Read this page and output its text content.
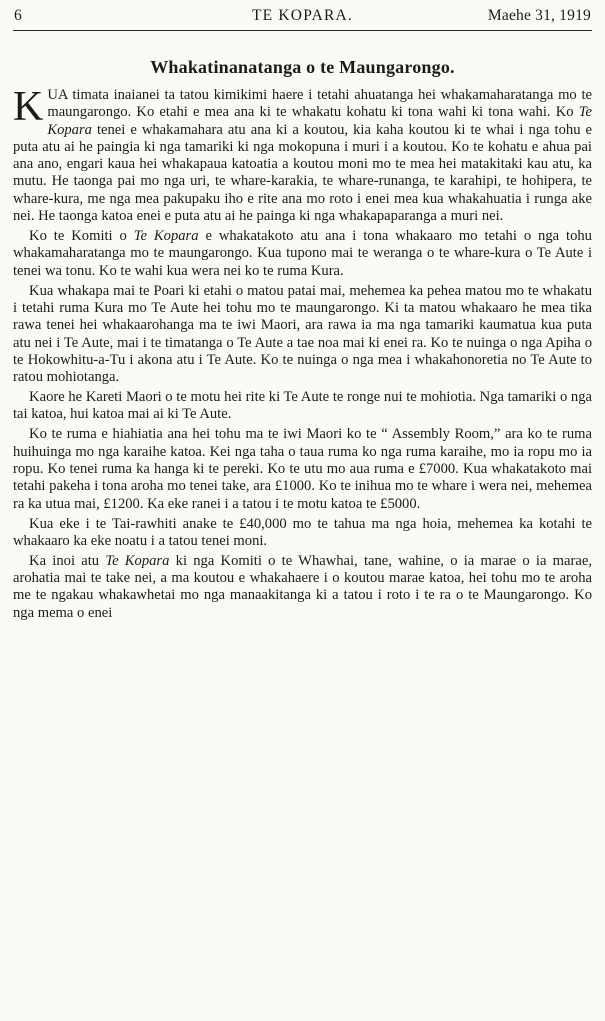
6	TE KOPARA.	Maehe 31, 1919
Whakatinanatanga o te Maungarongo.

KUA timata inaianei ta tatou kimikimi haere i tetahi ahuatanga hei whakamaharatanga mo te maungarongo. Ko etahi e mea ana ki te whakatu kohatu ki tona wahi ki tona wahi. Ko Te Kopara tenei e whakamahara atu ana ki a koutou, kia kaha koutou ki te whai i nga tohu e puta atu ai he paingia ki nga tamariki ki nga mokopuna i muri i a koutou. Ko te kohatu e ahua pai ana ano, engari kaua hei whakapaua katoatia a koutou moni mo te mea hei matakitaki kau atu, ka mutu. He taonga pai mo nga uri, te whare-karakia, te whare-runanga, te karahipi, te hohipera, te whare-kura, me nga mea pakupaku iho e rite ana mo roto i enei mea kua whakahuatia i runga ake nei. He taonga katoa enei e puta atu ai he painga ki nga whakapaparanga a muri nei.

Ko te Komiti o Te Kopara e whakatakoto atu ana i tona whakaaro mo tetahi o nga tohu whakamaharatanga mo te maungarongo. Kua tupono mai te weranga o te whare-kura o Te Aute i tenei wa tonu. Ko te wahi kua wera nei ko te ruma Kura.

Kua whakapa mai te Poari ki etahi o matou patai mai, mehemea ka pehea matou mo te whakatu i tetahi ruma Kura mo Te Aute hei tohu mo te maungarongo. Ki ta matou whakaaro he mea tika rawa tenei hei whakaarohanga ma te iwi Maori, ara rawa ia ma nga tamariki kaumatua kua puta atu nei i Te Aute, mai i te timatanga o Te Aute a tae noa mai ki enei ra. Ko te nuinga o nga Apiha o te Hokowhitu-a-Tu i akona atu i Te Aute. Ko te nuinga o nga mea i whakahonoretia no Te Aute to ratou mohiotanga.

Kaore he Kareti Maori o te motu hei rite ki Te Aute te ronge nui te mohiotia. Nga tamariki o nga tai katoa, hui katoa mai ai ki Te Aute.

Ko te ruma e hiahiatia ana hei tohu ma te iwi Maori ko te “ Assembly Room,” ara ko te ruma huihuinga mo nga karaihe katoa. Kei nga taha o taua ruma ko nga ruma karaihe, mo ia ropu mo ia ropu. Ko tenei ruma ka hanga ki te pereki. Ko te utu mo aua ruma e £7000. Kua whakatakoto mai tetahi pakeha i tona aroha mo tenei take, ara £1000. Ko te inihua mo te whare i wera nei, mehemea ra ka utua mai, £1200. Ka eke ranei i a tatou i te motu katoa te £5000.

Kua eke i te Tai-rawhiti anake te £40,000 mo te tahua ma nga hoia, mehemea ka kotahi te whakaaro ka eke noatu i a tatou tenei moni.

Ka inoi atu Te Kopara ki nga Komiti o te Whawhai, tane, wahine, o ia marae o ia marae, arohatia mai te take nei, a ma koutou e whakahaere i o koutou marae katoa, hei tohu mo te aroha me te ngakau whakawhetai mo nga manaakitanga ki a tatou i roto i te ra o te Maungarongo. Ko nga mema o enei
